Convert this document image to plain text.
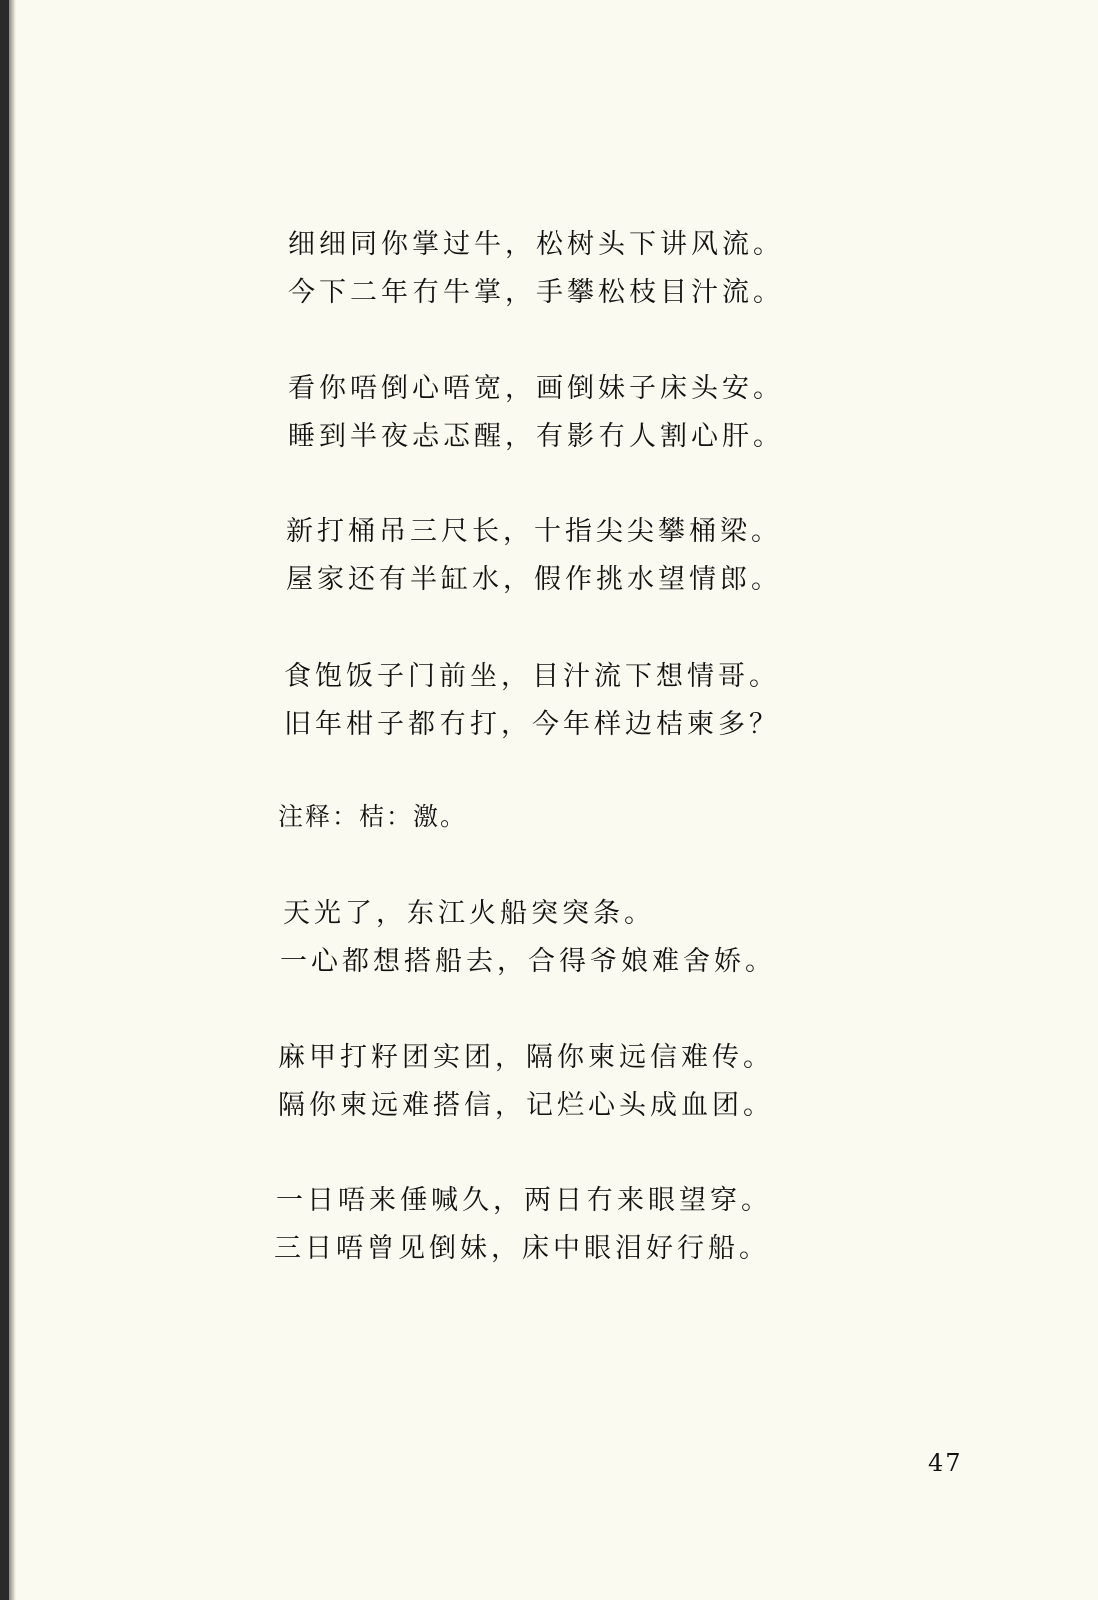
细细同你掌过牛，松树头下讲风流。

今下二年冇牛掌，手攀松枝目汁流。

看你唔倒心唔宽，画倒妹子床头安。

睡到半夜忐忑醒，有影冇人割心肝。

新打桶吊三尺长，十指尖尖攀桶梁。

屋家还有半缸水，假作挑水望情郎。

食饱饭子门前坐，目汁流下想情哥。

旧年柑子都冇打，今年样边桔柬多？

注释：桔：激。

天光了，东江火船突突条。

一心都想搭船去，合得爷娘难舍娇。

麻甲打籽团实团，隔你柬远信难传。

隔你柬远难搭信，记烂心头成血团。

一日唔来倕喊久，两日冇来眼望穿。

三日唔曾见倒妹，床中眼泪好行船。

47
